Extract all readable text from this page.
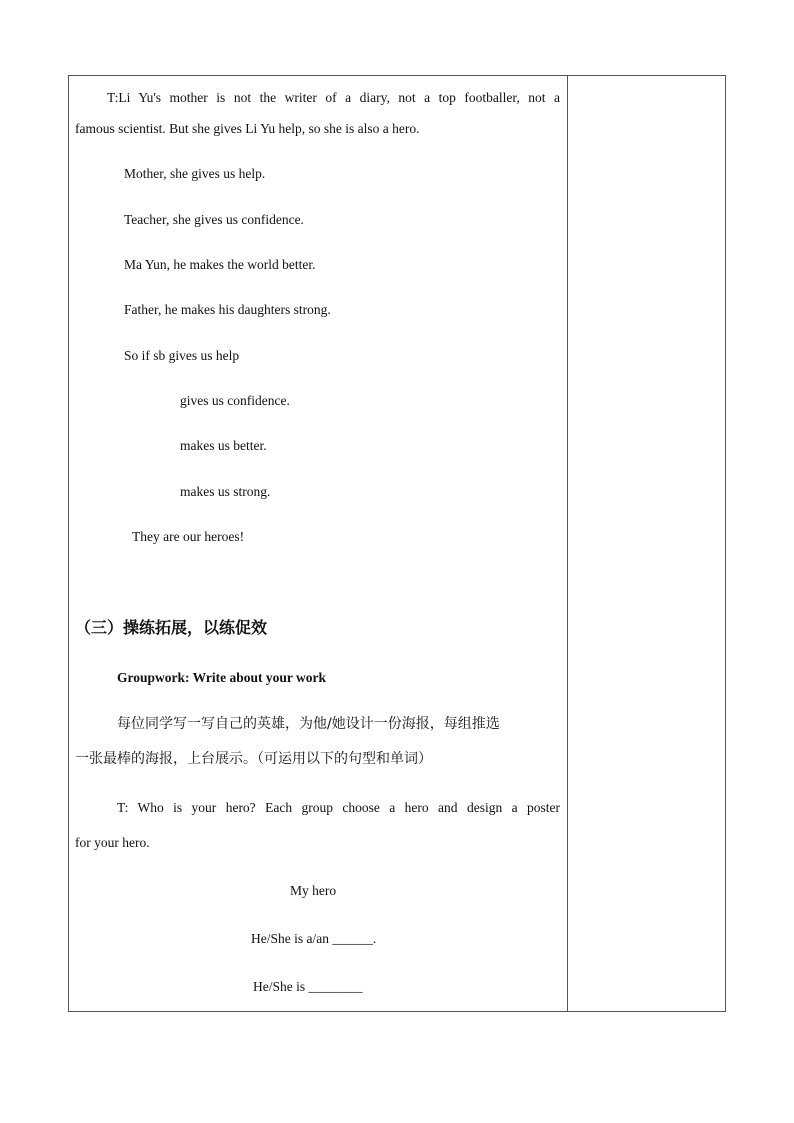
T:Li Yu's mother is not the writer of a diary, not a top footballer, not a
famous scientist. But she gives Li Yu help, so she is also a hero.
Mother, she gives us help.
Teacher, she gives us confidence.
Ma Yun, he makes the world better.
Father, he makes his daughters strong.
So if sb gives us help
gives us confidence.
makes us better.
makes us strong.
They are our heroes!
（三）操练拓展，以练促效
Groupwork: Write about your work
每位同学写一写自己的英雄，为他/她设计一份海报，每组推选
一张最棒的海报，上台展示。（可运用以下的句型和单词）
T: Who is your hero? Each group choose a hero and design a poster
for your hero.
My hero
He/She is a/an ______.
He/She is ________
